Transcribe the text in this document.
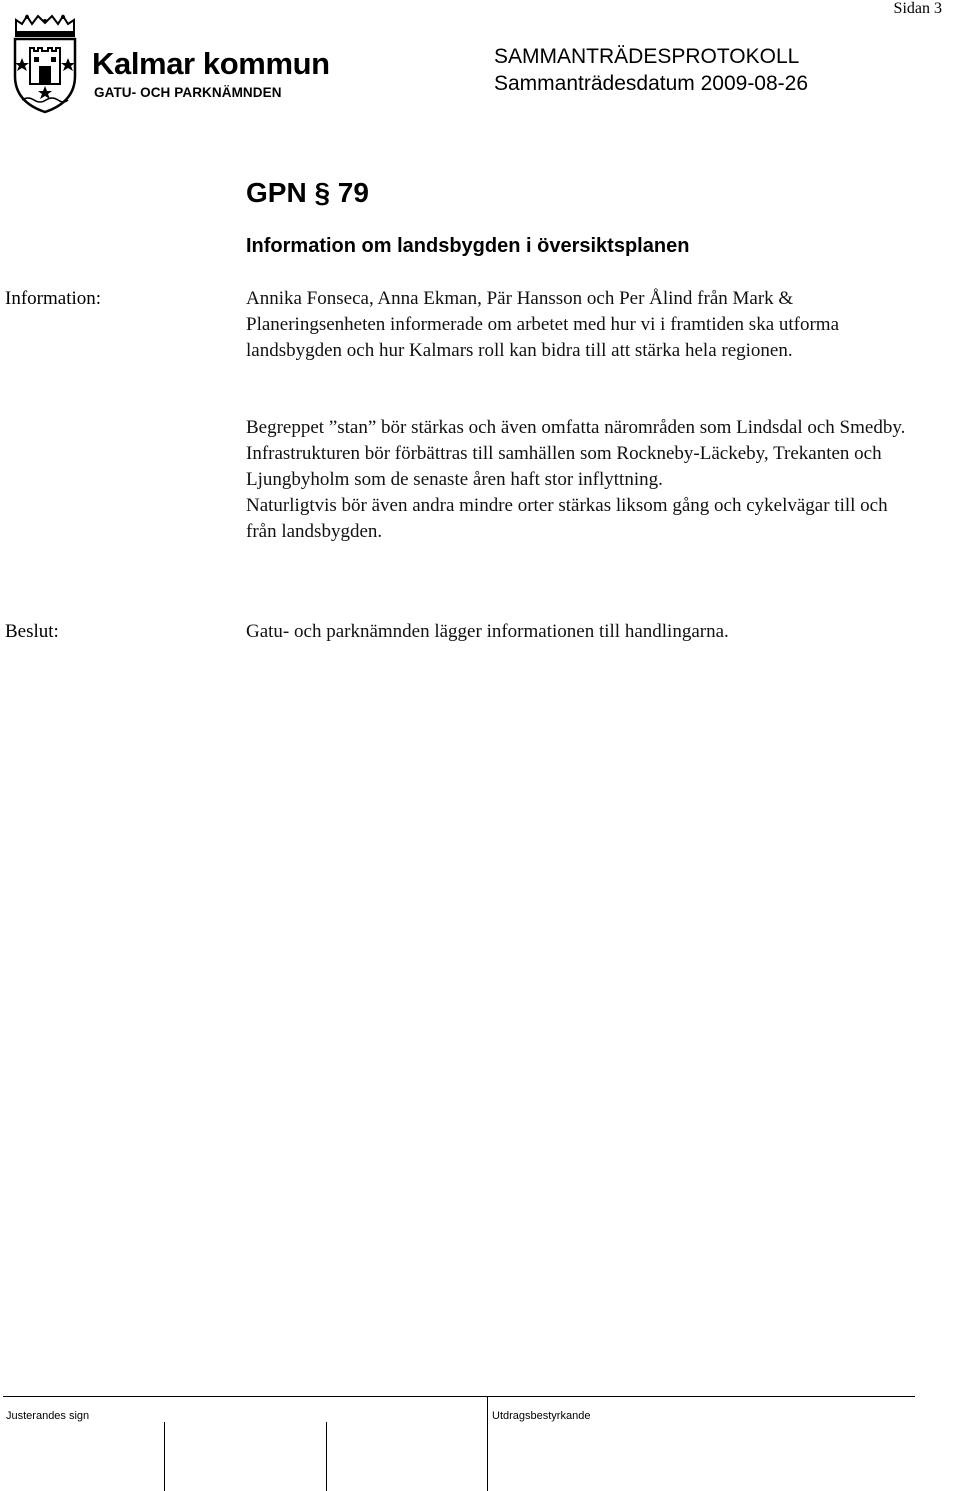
Sidan 3
Kalmar kommun
GATU- OCH PARKNÄMNDEN
SAMMANTRÄDESPROTOKOLL
Sammanträdesdatum 2009-08-26
GPN § 79
Information om landsbygden i översiktsplanen
Information:	Annika Fonseca, Anna Ekman, Pär Hansson och Per Ålind från Mark & Planeringsenheten informerade om arbetet med hur vi i framtiden ska utforma landsbygden och hur Kalmars roll kan bidra till att stärka hela regionen.

Begreppet ”stan” bör stärkas och även omfatta närområden som Lindsdal och Smedby.

Infrastrukturen bör förbättras till samhällen som Rockneby-Läckeby, Trekanten och Ljungbyholm som de senaste åren haft stor inflyttning.

Naturligtvis bör även andra mindre orter stärkas liksom gång och cykelvägar till och från landsbygden.

Beslut:	Gatu- och parknämnden lägger informationen till handlingarna.
Justerandes sign	Utdragsbestyrkande
